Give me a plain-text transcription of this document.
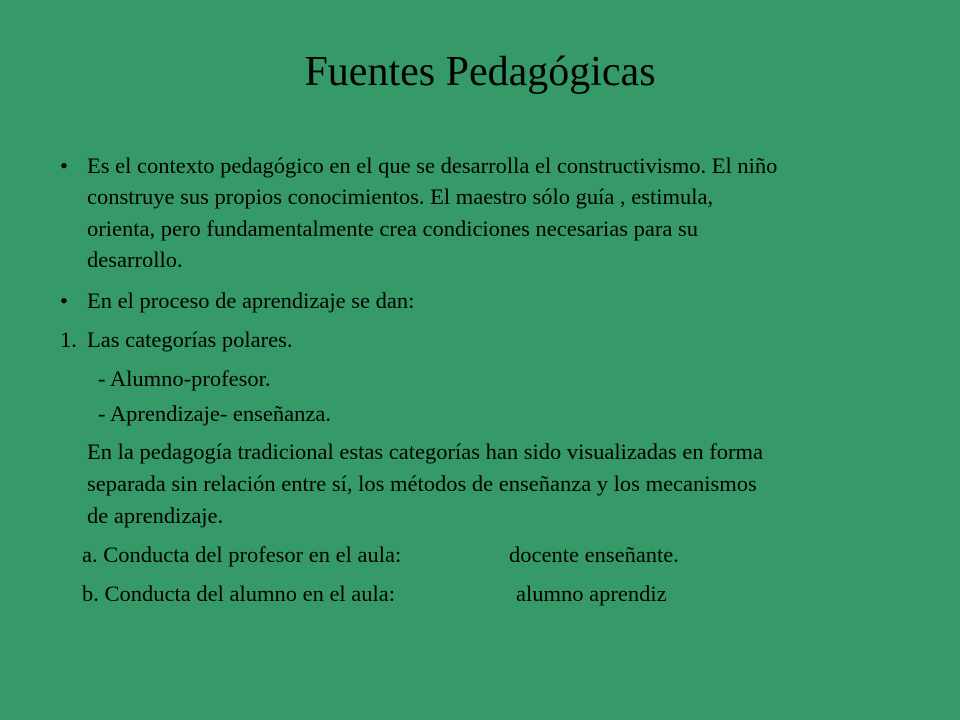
Fuentes Pedagógicas
• Es el contexto pedagógico en el que se desarrolla el constructivismo. El niño
construye sus propios conocimientos. El maestro sólo guía , estimula,
orienta, pero fundamentalmente crea condiciones necesarias para su
desarrollo.
• En el proceso de aprendizaje se dan:
1. Las categorías polares.
- Alumno-profesor.
- Aprendizaje- enseñanza.
En la pedagogía tradicional estas categorías han sido visualizadas en forma
separada sin relación entre sí, los métodos de enseñanza y los mecanismos
de aprendizaje.
a. Conducta del profesor en el aula:	docente enseñante.
b. Conducta del alumno en el aula:	alumno aprendiz
